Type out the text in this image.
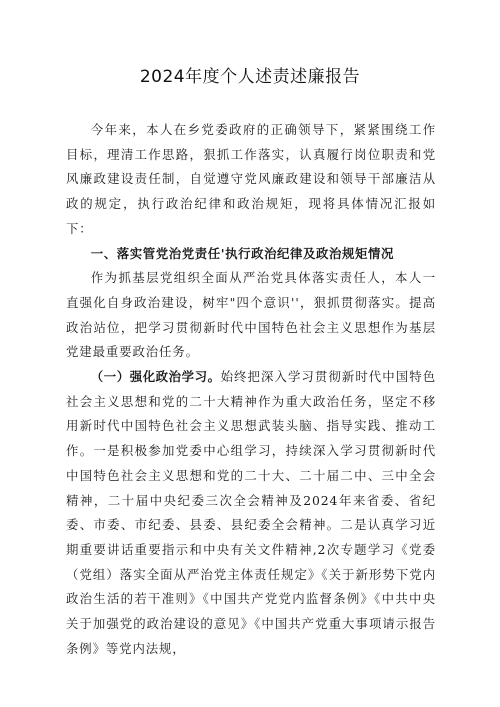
2024年度个人述责述廉报告

今年来，本人在乡党委政府的正确领导下，紧紧围绕工作目标，理清工作思路，狠抓工作落实，认真履行岗位职责和党风廉政建设责任制，自觉遵守党风廉政建设和领导干部廉洁从政的规定，执行政治纪律和政治规矩，现将具体情况汇报如下：

一、落实管党治党责任'执行政治纪律及政治规矩情况

作为抓基层党组织全面从严治党具体落实责任人，本人一直强化自身政治建设，树牢"四个意识''，狠抓贯彻落实。提高政治站位，把学习贯彻新时代中国特色社会主义思想作为基层党建最重要政治任务。

（一）强化政治学习。始终把深入学习贯彻新时代中国特色社会主义思想和党的二十大精神作为重大政治任务，坚定不移用新时代中国特色社会主义思想武装头脑、指导实践、推动工作。一是积极参加党委中心组学习，持续深入学习贯彻新时代中国特色社会主义思想和党的二十大、二十届二中、三中全会精神，二十届中央纪委三次全会精神及2024年来省委、省纪委、市委、市纪委、县委、县纪委全会精神。二是认真学习近期重要讲话重要指示和中央有关文件精神,2次专题学习《党委（党组）落实全面从严治党主体责任规定》《关于新形势下党内政治生活的若干准则》《中国共产党党内监督条例》《中共中央关于加强党的政治建设的意见》《中国共产党重大事项请示报告条例》等党内法规，
